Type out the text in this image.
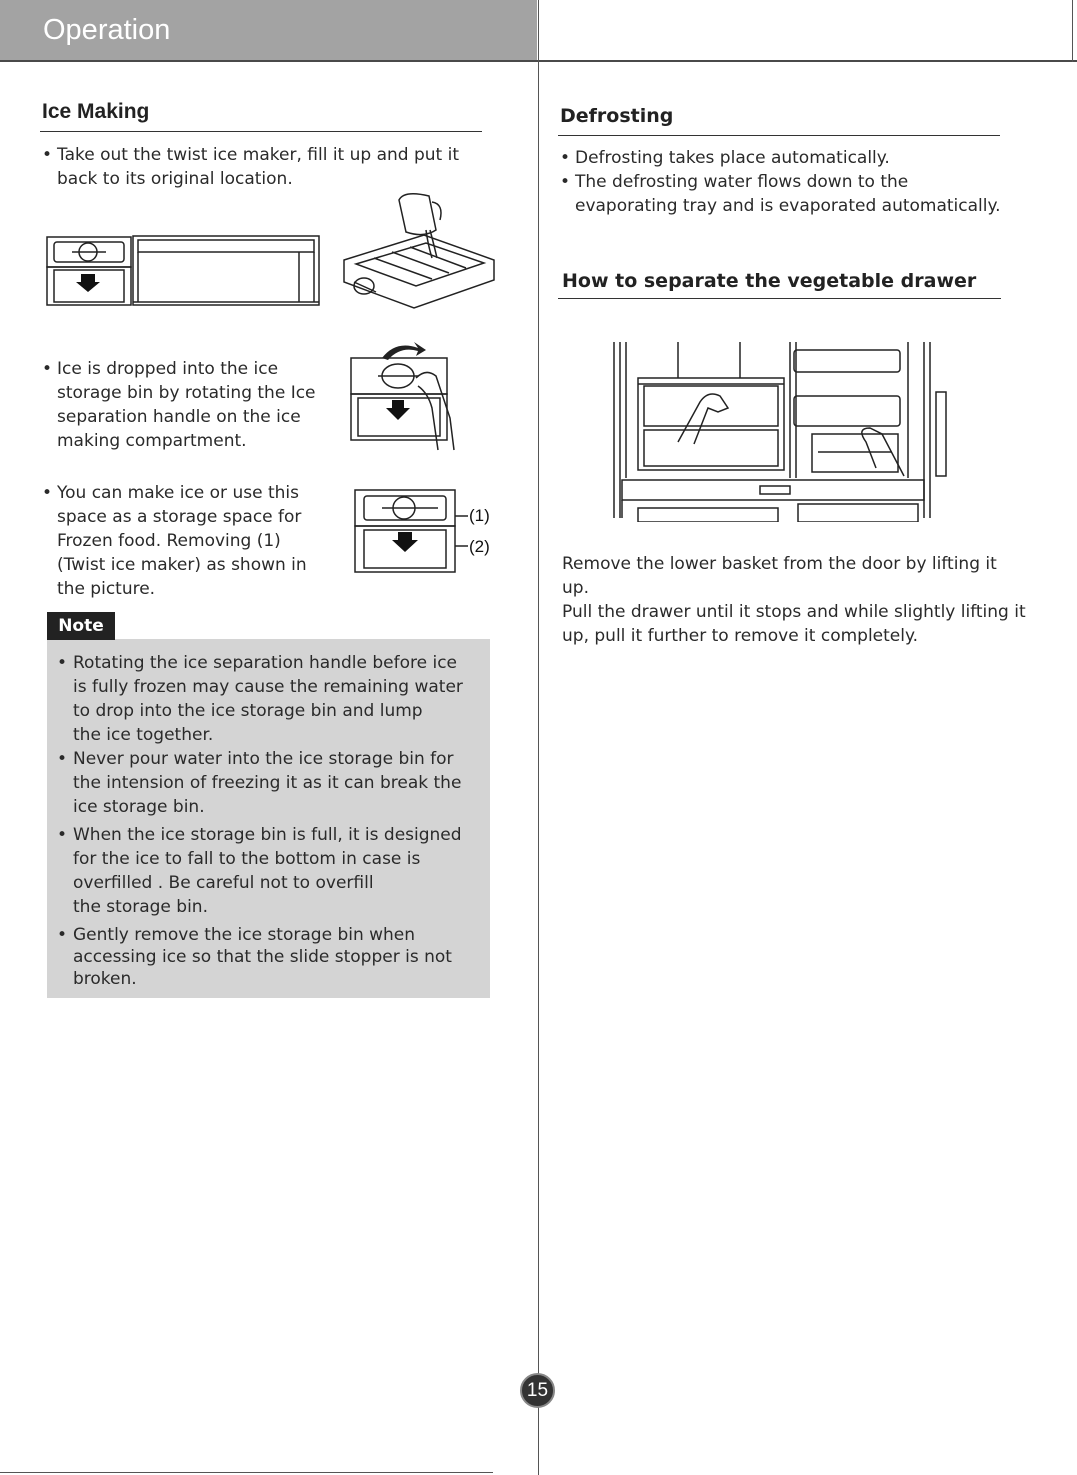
Operation
Ice Making
• Take out the twist ice maker, fill it up and put it
back to its original location.
• Ice is dropped into the ice
storage bin by rotating the Ice
separation handle on the ice
making compartment.
• You can make ice or use this
space as a storage space for
Frozen food. Removing (1)
(Twist ice maker) as shown in
the picture.
(1)
(2)
Note
• Rotating the ice separation handle before ice
is fully frozen may cause the remaining water
to drop into the ice storage bin and lump
the ice together.
• Never pour water into the ice storage bin for
the intension of freezing it as it can break the
ice storage bin.
• When the ice storage bin is full, it is designed
for the ice to fall to the bottom in case is
overfilled . Be careful not to overfill
the storage bin.
• Gently remove the ice storage bin when
accessing ice so that the slide stopper is not
broken.
Defrosting
• Defrosting takes place automatically.
• The defrosting water flows down to the
evaporating tray and is evaporated automatically.
How to separate the vegetable drawer
Remove the lower basket from the door by lifting it
up.
Pull the drawer until it stops and while slightly lifting it
up, pull it further to remove it completely.
15
